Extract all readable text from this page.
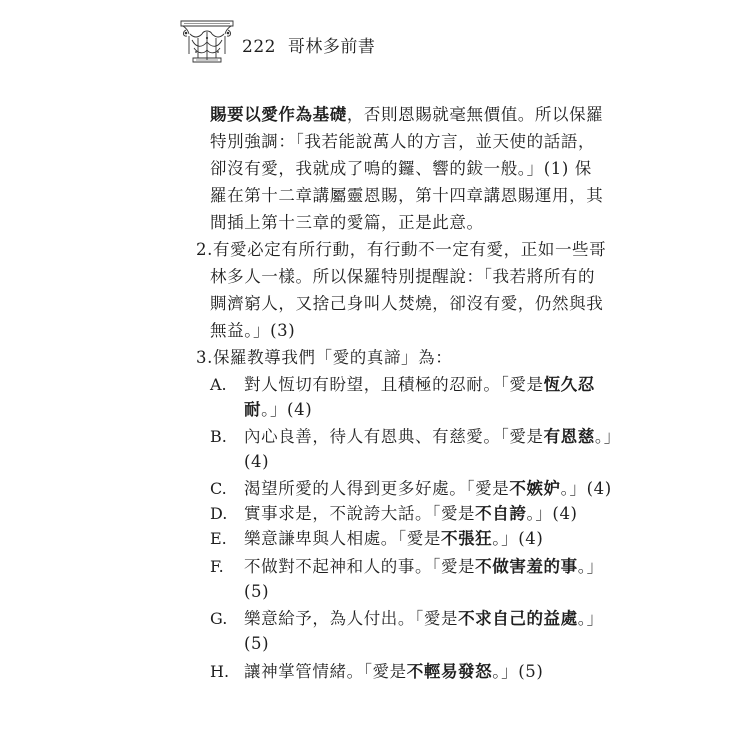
222 哥林多前書
賜要以愛作為基礎，否則恩賜就毫無價值。所以保羅
特別強調：「我若能說萬人的方言，並天使的話語，
卻沒有愛，我就成了鳴的鑼、響的鈸一般。」(1) 保
羅在第十二章講屬靈恩賜，第十四章講恩賜運用，其
間插上第十三章的愛篇，正是此意。
2.有愛必定有所行動，有行動不一定有愛，正如一些哥
林多人一樣。所以保羅特別提醒說：「我若將所有的
賙濟窮人，又捨己身叫人焚燒，卻沒有愛，仍然與我
無益。」(3)
3.保羅教導我們「愛的真諦」為：
A. 對人恆切有盼望，且積極的忍耐。「愛是恆久忍
耐。」(4)
B. 內心良善，待人有恩典、有慈愛。「愛是有恩慈。」
(4)
C. 渴望所愛的人得到更多好處。「愛是不嫉妒。」(4)
D. 實事求是，不說誇大話。「愛是不自誇。」(4)
E. 樂意謙卑與人相處。「愛是不張狂。」(4)
F. 不做對不起神和人的事。「愛是不做害羞的事。」
(5)
G. 樂意給予，為人付出。「愛是不求自己的益處。」
(5)
H. 讓神掌管情緒。「愛是不輕易發怒。」(5)
